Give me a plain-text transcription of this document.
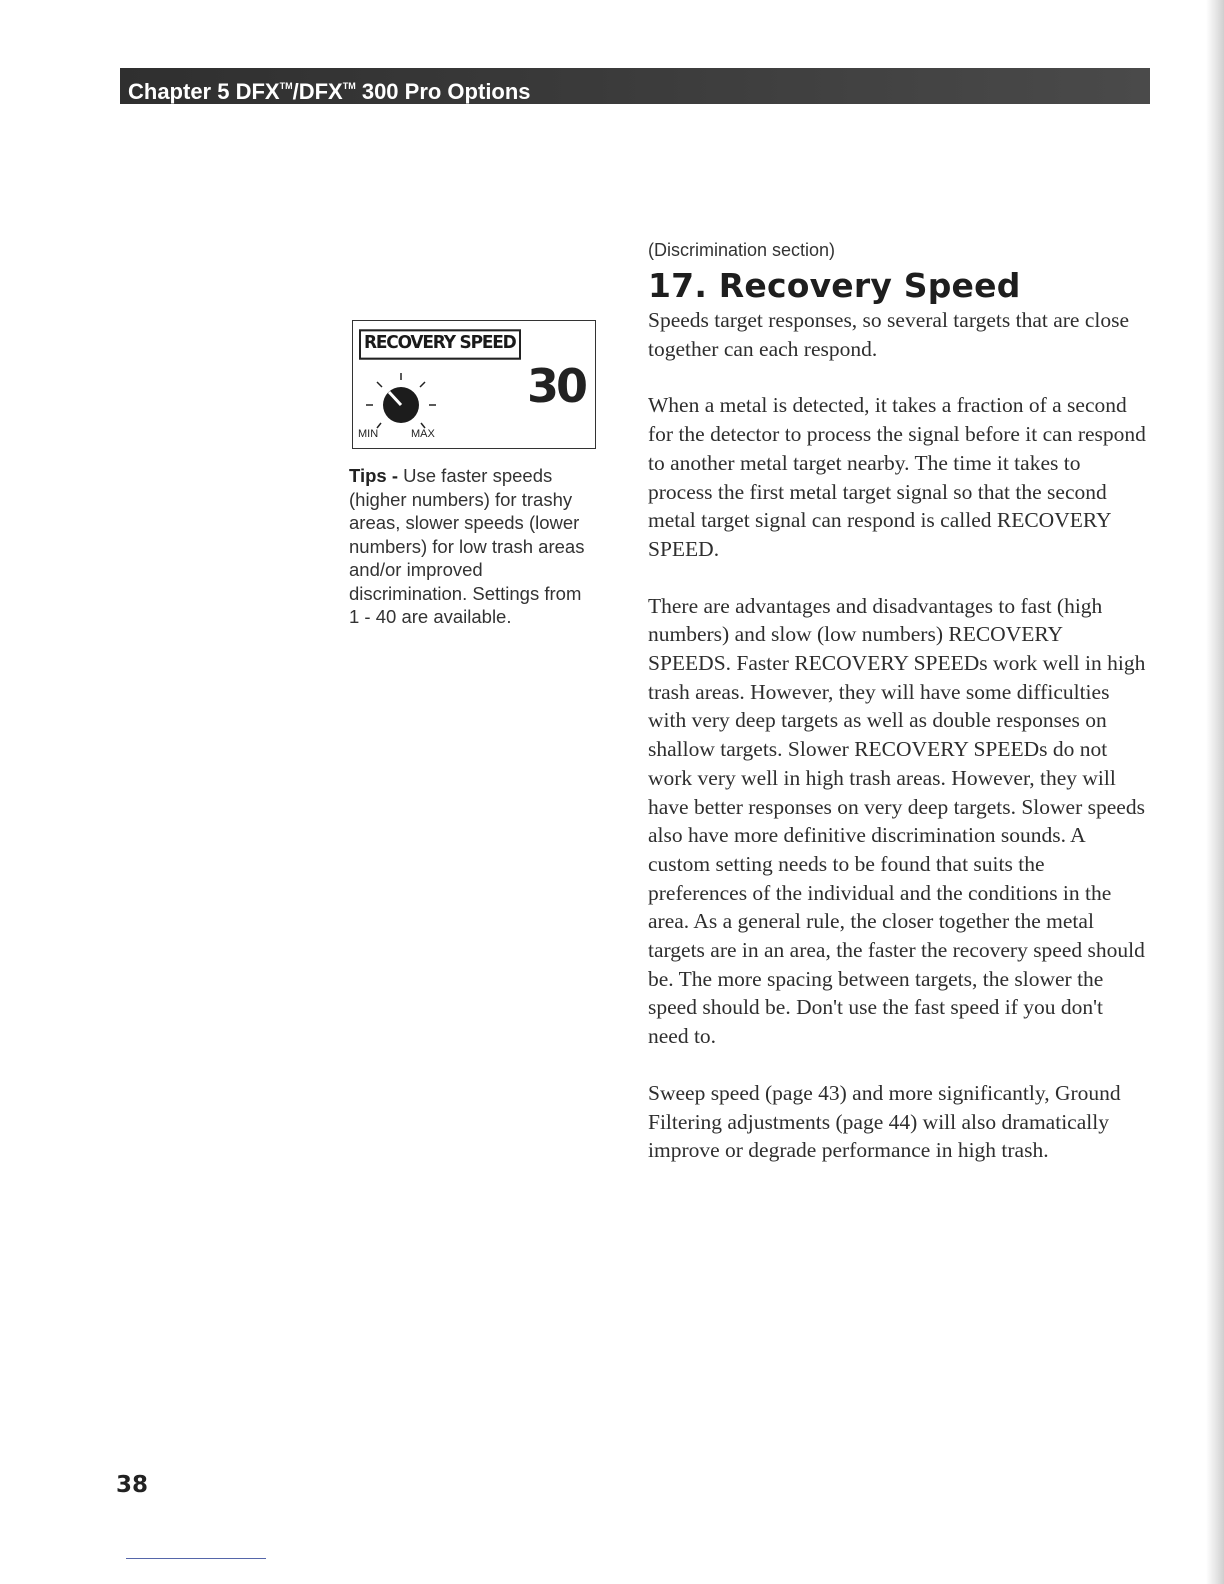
Chapter 5 DFX™/DFX™ 300 Pro Options
(Discrimination section)
17. Recovery Speed

Speeds target responses, so several targets that are close together can each respond.

When a metal is detected, it takes a fraction of a second for the detector to process the signal before it can respond to another metal target nearby. The time it takes to process the first metal target signal so that the second metal target signal can respond is called RECOVERY SPEED.

There are advantages and disadvantages to fast (high numbers) and slow (low numbers) RECOVERY SPEEDS. Faster RECOVERY SPEEDs work well in high trash areas. However, they will have some difficulties with very deep targets as well as double responses on shallow targets. Slower RECOVERY SPEEDs do not work very well in high trash areas. However, they will have better responses on very deep targets. Slower speeds also have more definitive discrimination sounds. A custom setting needs to be found that suits the preferences of the individual and the conditions in the area. As a general rule, the closer together the metal targets are in an area, the faster the recovery speed should be. The more spacing between targets, the slower the speed should be. Don't use the fast speed if you don't need to.

Sweep speed (page 43) and more significantly, Ground Filtering adjustments (page 44) will also dramatically improve or degrade performance in high trash.

RECOVERY SPEED
30
MIN	MAX
Tips - Use faster speeds (higher numbers) for trashy areas, slower speeds (lower numbers) for low trash areas and/or improved discrimination. Settings from 1 - 40 are available.
38
